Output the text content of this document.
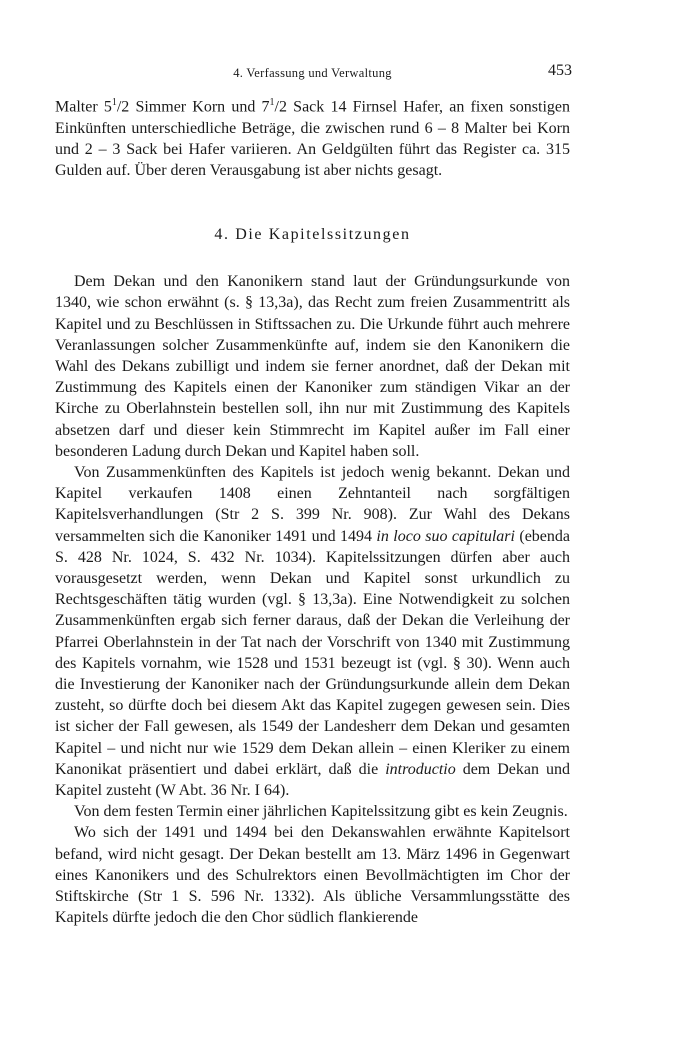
4. Verfassung und Verwaltung	453

Malter $5^1/2$ Simmer Korn und $7^1/2$ Sack 14 Firnsel Hafer, an fixen sonstigen Einkünften unterschiedliche Beträge, die zwischen rund 6 – 8 Malter bei Korn und 2 – 3 Sack bei Hafer variieren. An Geldgülten führt das Register ca. 315 Gulden auf. Über deren Verausgabung ist aber nichts gesagt.

4. Die Kapitelssitzungen

Dem Dekan und den Kanonikern stand laut der Gründungsurkunde von 1340, wie schon erwähnt (s. § 13,3a), das Recht zum freien Zusammentritt als Kapitel und zu Beschlüssen in Stiftssachen zu. Die Urkunde führt auch mehrere Veranlassungen solcher Zusammenkünfte auf, indem sie den Kanonikern die Wahl des Dekans zubilligt und indem sie ferner anordnet, daß der Dekan mit Zustimmung des Kapitels einen der Kanoniker zum ständigen Vikar an der Kirche zu Oberlahnstein bestellen soll, ihn nur mit Zustimmung des Kapitels absetzen darf und dieser kein Stimmrecht im Kapitel außer im Fall einer besonderen Ladung durch Dekan und Kapitel haben soll.

Von Zusammenkünften des Kapitels ist jedoch wenig bekannt. Dekan und Kapitel verkaufen 1408 einen Zehntanteil nach sorgfältigen Kapitelsverhandlungen (Str 2 S. 399 Nr. 908). Zur Wahl des Dekans versammelten sich die Kanoniker 1491 und 1494 in loco suo capitulari (ebenda S. 428 Nr. 1024, S. 432 Nr. 1034). Kapitelssitzungen dürfen aber auch vorausgesetzt werden, wenn Dekan und Kapitel sonst urkundlich zu Rechtsgeschäften tätig wurden (vgl. § 13,3a). Eine Notwendigkeit zu solchen Zusammenkünften ergab sich ferner daraus, daß der Dekan die Verleihung der Pfarrei Oberlahnstein in der Tat nach der Vorschrift von 1340 mit Zustimmung des Kapitels vornahm, wie 1528 und 1531 bezeugt ist (vgl. § 30). Wenn auch die Investierung der Kanoniker nach der Gründungsurkunde allein dem Dekan zusteht, so dürfte doch bei diesem Akt das Kapitel zugegen gewesen sein. Dies ist sicher der Fall gewesen, als 1549 der Landesherr dem Dekan und gesamten Kapitel – und nicht nur wie 1529 dem Dekan allein – einen Kleriker zu einem Kanonikat präsentiert und dabei erklärt, daß die introductio dem Dekan und Kapitel zusteht (W Abt. 36 Nr. I 64).

Von dem festen Termin einer jährlichen Kapitelssitzung gibt es kein Zeugnis.

Wo sich der 1491 und 1494 bei den Dekanswahlen erwähnte Kapitelsort befand, wird nicht gesagt. Der Dekan bestellt am 13. März 1496 in Gegenwart eines Kanonikers und des Schulrektors einen Bevollmächtigten im Chor der Stiftskirche (Str 1 S. 596 Nr. 1332). Als übliche Versammlungsstätte des Kapitels dürfte jedoch die den Chor südlich flankierende
